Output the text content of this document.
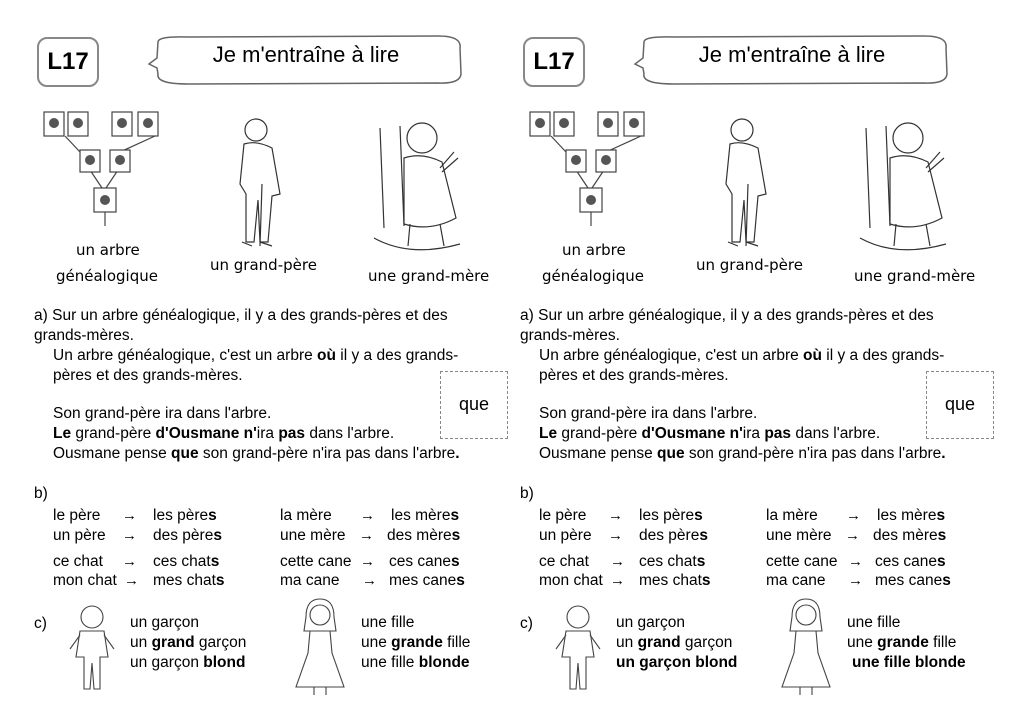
L17	Je m'entraîne à lire
un arbre
généalogique
un grand-père
une grand-mère
a) Sur un arbre généalogique, il y a des grands-pères et des
grands-mères.
Un arbre généalogique, c'est un arbre où il y a des grands-
pères et des grands-mères.
Son grand-père ira dans l'arbre.
Le grand-père d'Ousmane n'ira pas dans l'arbre.
Ousmane pense que son grand-père n'ira pas dans l'arbre.
que
b)
le père → les pères	la mère → les mères
un père → des pères	une mère → des mères
ce chat → ces chats	cette cane → ces canes
mon chat → mes chats	ma cane → mes canes
c)	un garçon
un grand garçon
un garçon blond
une fille
une grande fille
une fille blonde
L17	Je m'entraîne à lire
un arbre
généalogique
un grand-père
une grand-mère
a) Sur un arbre généalogique, il y a des grands-pères et des
grands-mères.
Un arbre généalogique, c'est un arbre où il y a des grands-
pères et des grands-mères.
Son grand-père ira dans l'arbre.
Le grand-père d'Ousmane n'ira pas dans l'arbre.
Ousmane pense que son grand-père n'ira pas dans l'arbre.
que
b)
le père → les pères	la mère → les mères
un père → des pères	une mère → des mères
ce chat → ces chats	cette cane → ces canes
mon chat → mes chats	ma cane → mes canes
c)	un garçon
un grand garçon
un garçon blond
une fille
une grande fille
une fille blonde
